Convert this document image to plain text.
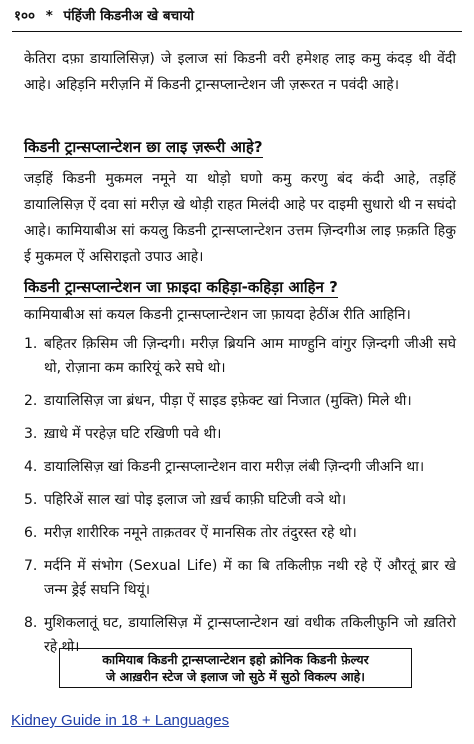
१०० * पंहिंजी किडनीअ खे बचायो

केतिरा दफ़ा डायालिसिज़) जे इलाज सां किडनी वरी हमेशह लाइ कमु कंदड़ थी वेंदी आहे। अहिड़नि मरीज़नि में किडनी ट्रान्सप्लान्टेशन जी ज़रूरत न पवंदी आहे।

किडनी ट्रान्सप्लान्टेशन छा लाइ ज़रूरी आहे?

जड़हिं किडनी मुकमल नमूने या थोड़ो घणो कमु करणु बंद कंदी आहे, तड़हिं डायालिसिज़ ऐं दवा सां मरीज़ खे थोड़ी राहत मिलंदी आहे पर दाइमी सुधारो थी न सघंदो आहे। कामियाबीअ सां कयलु किडनी ट्रान्सप्लान्टेशन उत्तम ज़िन्दगीअ लाइ फ़क़ति हिकु ई मुकमल ऐं असिराइतो उपाउ आहे।

किडनी ट्रान्सप्लान्टेशन जा फ़ाइदा कहिड़ा-कहिड़ा आहिन ?

कामियाबीअ सां कयल किडनी ट्रान्सप्लान्टेशन जा फ़ायदा हेठींअ रीति आहिनि।

1. बहितर क़िसिम जी ज़िन्दगी। मरीज़ ब्रियनि आम माण्हुनि वांगुर ज़िन्दगी जीअी सघे थो, रोज़ाना कम कारियूं करे सघे थो।
2. डायालिसिज़ जा ब्रंधन, पीड़ा ऐं साइड इफ़ेक्ट खां निजात (मुक्ति) मिले थी।
3. ख़ाधे में परहेज़ घटि रखिणी पवे थी।
4. डायालिसिज़ खां किडनी ट्रान्सप्लान्टेशन वारा मरीज़ लंबी ज़िन्दगी जीअनि था।
5. पहिरिअें साल खां पोइ इलाज जो ख़र्च काफ़ी घटिजी वञे थो।
6. मरीज़ शारीरिक नमूने ताक़तवर ऐं मानसिक तोर तंदुरस्त रहे थो।
7. मर्दनि में संभोग (Sexual Life) में का बि तकिलीफ़ नथी रहे ऐं औरतूं ब्रार खे जन्म ड्रेई सघनि थियूं।
8. मुशिकलातूं घट, डायालिसिज़ में ट्रान्सप्लान्टेशन खां वधीक तकिलीफ़ुनि जो ख़तिरो रहे थो।
कामियाब किडनी ट्रान्सप्लान्टेशन इहो क्रोनिक किडनी फ़ेल्यर
जे आख़रीन स्टेज जे इलाज जो सुठे में सुठो विकल्प आहे।
Kidney Guide in 18 + Languages
